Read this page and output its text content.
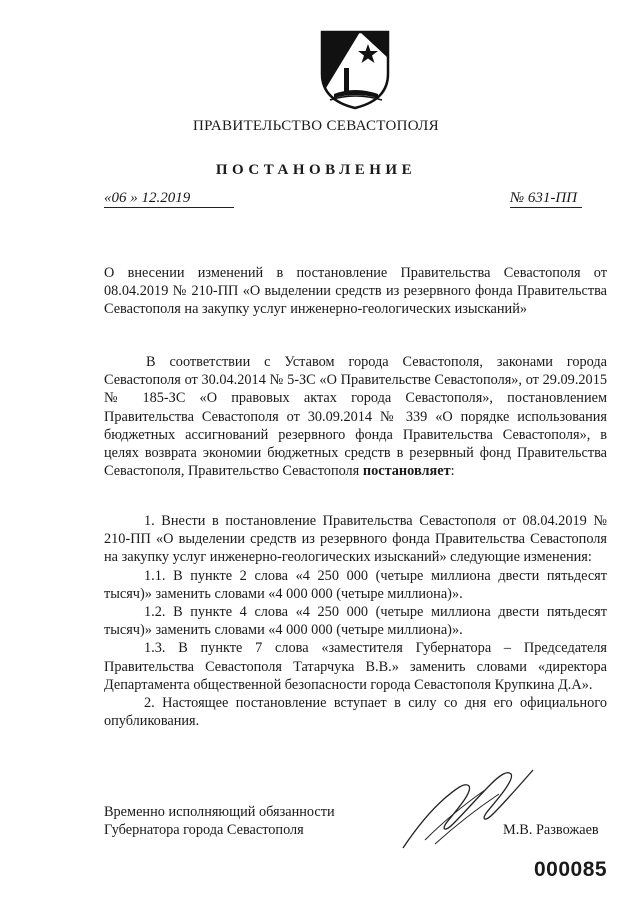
ПРАВИТЕЛЬСТВО СЕВАСТОПОЛЯ
ПОСТАНОВЛЕНИЕ
«06 » 12.2019	№ 631-ПП
О внесении изменений в постановление Правительства Севастополя от 08.04.2019 № 210-ПП «О выделении средств из резервного фонда Правительства Севастополя на закупку услуг инженерно-геологических изысканий»
В соответствии с Уставом города Севастополя, законами города Севастополя от 30.04.2014 № 5-ЗС «О Правительстве Севастополя», от 29.09.2015 № 185-ЗС «О правовых актах города Севастополя», постановлением Правительства Севастополя от 30.09.2014 № 339 «О порядке использования бюджетных ассигнований резервного фонда Правительства Севастополя», в целях возврата экономии бюджетных средств в резервный фонд Правительства Севастополя, Правительство Севастополя постановляет:

1. Внести в постановление Правительства Севастополя от 08.04.2019 № 210-ПП «О выделении средств из резервного фонда Правительства Севастополя на закупку услуг инженерно-геологических изысканий» следующие изменения:

1.1. В пункте 2 слова «4 250 000 (четыре миллиона двести пятьдесят тысяч)» заменить словами «4 000 000 (четыре миллиона)».

1.2. В пункте 4 слова «4 250 000 (четыре миллиона двести пятьдесят тысяч)» заменить словами «4 000 000 (четыре миллиона)».

1.3. В пункте 7 слова «заместителя Губернатора – Председателя Правительства Севастополя Татарчука В.В.» заменить словами «директора Департамента общественной безопасности города Севастополя Крупкина Д.А».

2. Настоящее постановление вступает в силу со дня его официального опубликования.

Временно исполняющий обязанности
Губернатора города Севастополя	М.В. Развожаев
000085
